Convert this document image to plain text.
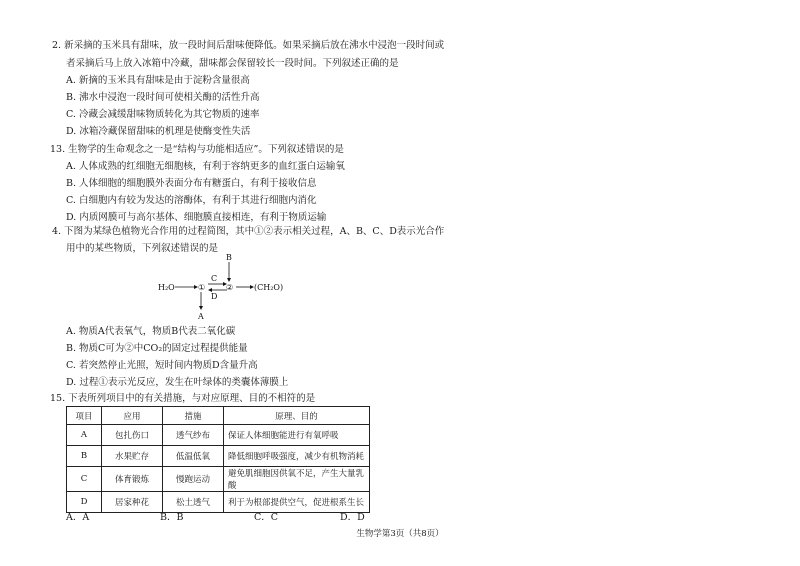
2. 新采摘的玉米具有甜味，放一段时间后甜味便降低。如果采摘后放在沸水中浸泡一段时间或
者采摘后马上放入冰箱中冷藏，甜味都会保留较长一段时间。下列叙述正确的是
A. 新摘的玉米具有甜味是由于淀粉含量很高
B. 沸水中浸泡一段时间可使相关酶的活性升高
C. 冷藏会减缓甜味物质转化为其它物质的速率
D. 冰箱冷藏保留甜味的机理是使酶变性失活
13. 生物学的生命观念之一是“结构与功能相适应”。下列叙述错误的是
A. 人体成熟的红细胞无细胞核，有利于容纳更多的血红蛋白运输氧
B. 人体细胞的细胞膜外表面分布有糖蛋白，有利于接收信息
C. 白细胞内有较为发达的溶酶体，有利于其进行细胞内消化
D. 内质网膜可与高尔基体、细胞膜直接相连，有利于物质运输
4. 下图为某绿色植物光合作用的过程简图，其中①②表示相关过程，A、B、C、D表示光合作
用中的某些物质，下列叙述错误的是
H₂O	①
A
C
D
②
B
(CH₂O)
A. 物质A代表氧气，物质B代表二氧化碳
B. 物质C可为②中CO₂的固定过程提供能量
C. 若突然停止光照，短时间内物质D含量升高
D. 过程①表示光反应，发生在叶绿体的类囊体薄膜上
15. 下表所列项目中的有关措施，与对应原理、目的不相符的是
项目	应用	措施	原理、目的
A	包扎伤口	透气纱布	保证人体细胞能进行有氧呼吸
B	水果贮存	低温低氧	降低细胞呼吸强度，减少有机物消耗
C	体育锻炼	慢跑运动	避免肌细胞因供氧不足，产生大量乳酸
D	居家种花	松土透气	利于为根部提供空气，促进根系生长
A．A	B．B	C．C	D．D
生物学第3页（共8页）
